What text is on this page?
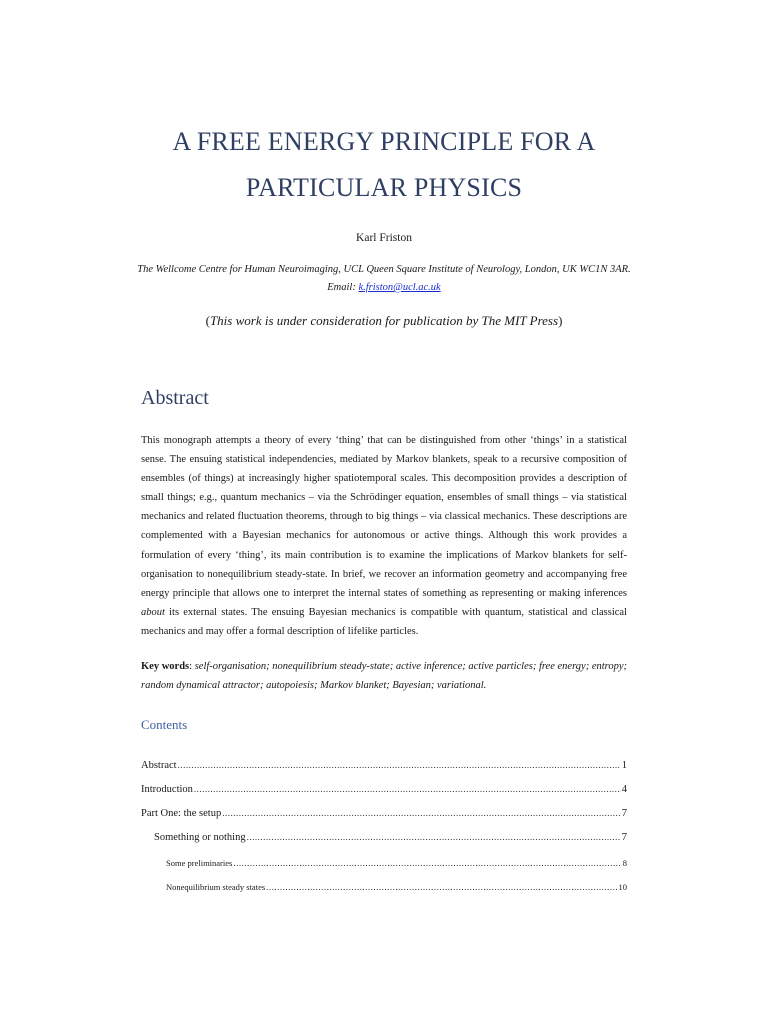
A FREE ENERGY PRINCIPLE FOR A
PARTICULAR PHYSICS
Karl Friston
The Wellcome Centre for Human Neuroimaging, UCL Queen Square Institute of Neurology, London, UK WC1N 3AR. Email: k.friston@ucl.ac.uk
(This work is under consideration for publication by The MIT Press)
Abstract
This monograph attempts a theory of every ‘thing’ that can be distinguished from other ‘things’ in a statistical sense. The ensuing statistical independencies, mediated by Markov blankets, speak to a recursive composition of ensembles (of things) at increasingly higher spatiotemporal scales. This decomposition provides a description of small things; e.g., quantum mechanics – via the Schrödinger equation, ensembles of small things – via statistical mechanics and related fluctuation theorems, through to big things – via classical mechanics. These descriptions are complemented with a Bayesian mechanics for autonomous or active things. Although this work provides a formulation of every ‘thing’, its main contribution is to examine the implications of Markov blankets for self-organisation to nonequilibrium steady-state. In brief, we recover an information geometry and accompanying free energy principle that allows one to interpret the internal states of something as representing or making inferences about its external states. The ensuing Bayesian mechanics is compatible with quantum, statistical and classical mechanics and may offer a formal description of lifelike particles.
Key words: self-organisation; nonequilibrium steady-state; active inference; active particles; free energy; entropy; random dynamical attractor; autopoiesis; Markov blanket; Bayesian; variational.
Contents
Abstract .....	1
Introduction .....	4
Part One: the setup .....	7
Something or nothing .....	7
Some preliminaries .....	8
Nonequilibrium steady states .....	10
